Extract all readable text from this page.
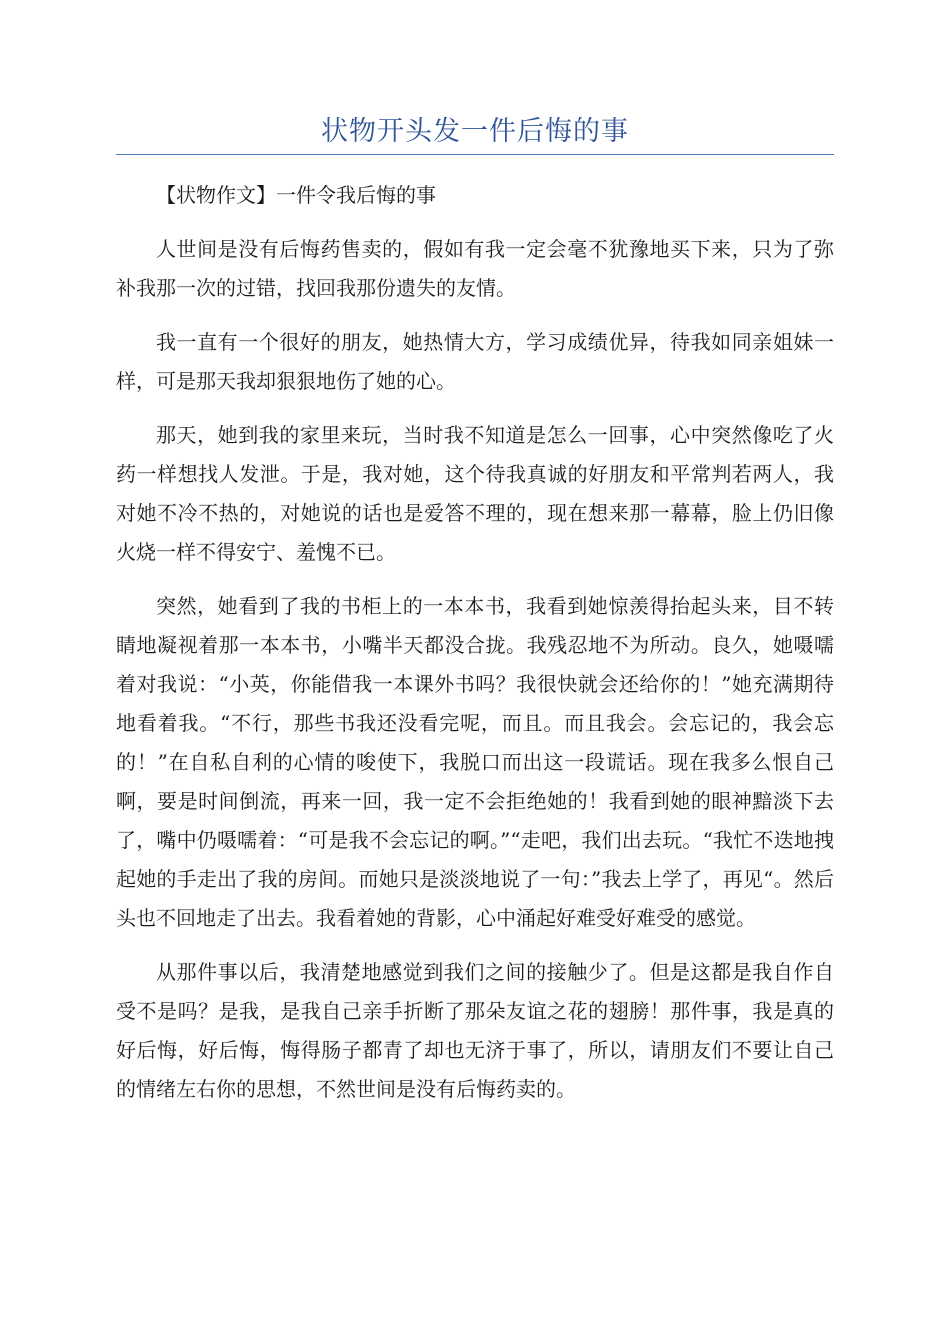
状物开头发一件后悔的事

【状物作文】一件令我后悔的事

人世间是没有后悔药售卖的，假如有我一定会毫不犹豫地买下来，只为了弥补我那一次的过错，找回我那份遗失的友情。

我一直有一个很好的朋友，她热情大方，学习成绩优异，待我如同亲姐妹一样，可是那天我却狠狠地伤了她的心。

那天，她到我的家里来玩，当时我不知道是怎么一回事，心中突然像吃了火药一样想找人发泄。于是，我对她，这个待我真诚的好朋友和平常判若两人，我对她不冷不热的，对她说的话也是爱答不理的，现在想来那一幕幕，脸上仍旧像火烧一样不得安宁、羞愧不已。

突然，她看到了我的书柜上的一本本书，我看到她惊羡得抬起头来，目不转睛地凝视着那一本本书，小嘴半天都没合拢。我残忍地不为所动。良久，她嗫嚅着对我说：“小英，你能借我一本课外书吗？我很快就会还给你的！”她充满期待地看着我。“不行，那些书我还没看完呢，而且。而且我会。会忘记的，我会忘的！”在自私自利的心情的唆使下，我脱口而出这一段谎话。现在我多么恨自己啊，要是时间倒流，再来一回，我一定不会拒绝她的！我看到她的眼神黯淡下去了，嘴中仍嗫嚅着：“可是我不会忘记的啊。”“走吧，我们出去玩。“我忙不迭地拽起她的手走出了我的房间。而她只是淡淡地说了一句：”我去上学了，再见“。然后头也不回地走了出去。我看着她的背影，心中涌起好难受好难受的感觉。

从那件事以后，我清楚地感觉到我们之间的接触少了。但是这都是我自作自受不是吗？是我，是我自己亲手折断了那朵友谊之花的翅膀！那件事，我是真的好后悔，好后悔，悔得肠子都青了却也无济于事了，所以，请朋友们不要让自己的情绪左右你的思想，不然世间是没有后悔药卖的。
